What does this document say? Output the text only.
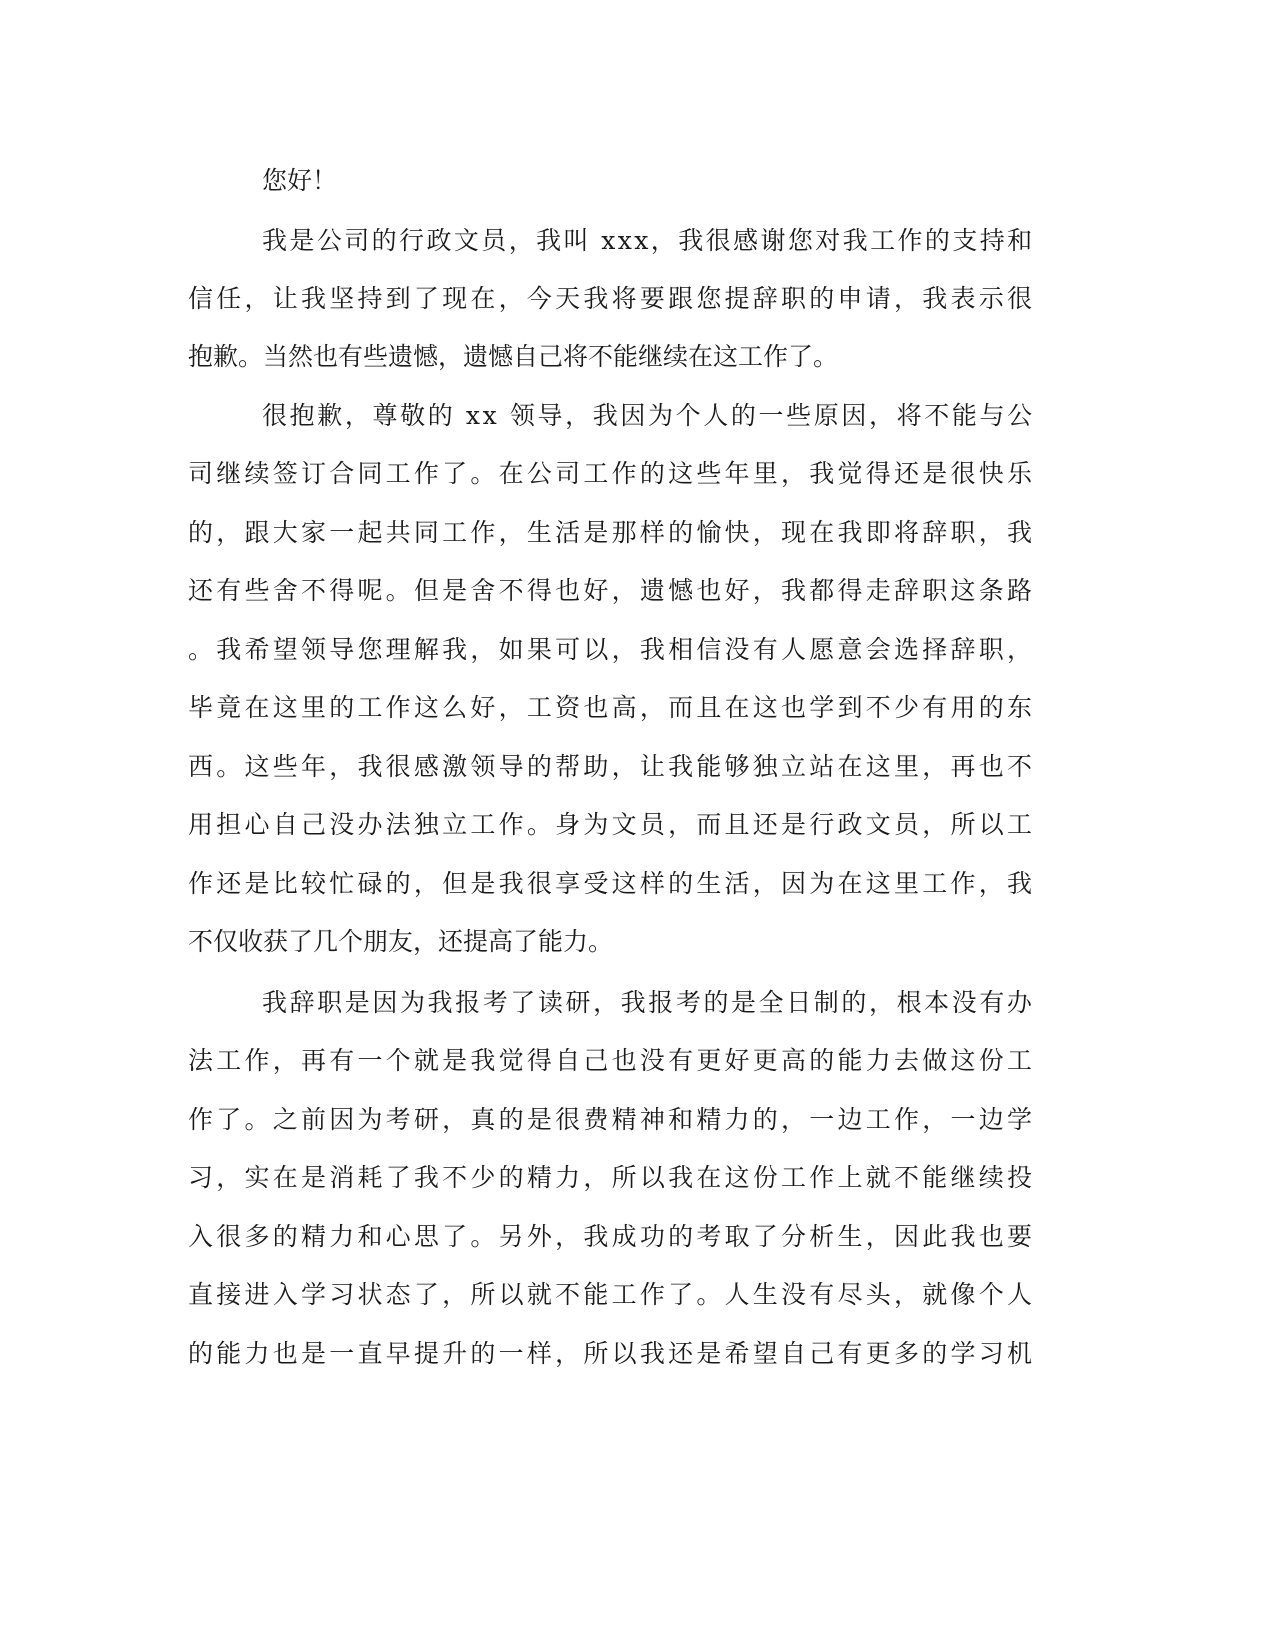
您好！
我是公司的行政文员，我叫 xxx，我很感谢您对我工作的支持和
信任，让我坚持到了现在，今天我将要跟您提辞职的申请，我表示很
抱歉。当然也有些遗憾，遗憾自己将不能继续在这工作了。
很抱歉，尊敬的 xx 领导，我因为个人的一些原因，将不能与公
司继续签订合同工作了。在公司工作的这些年里，我觉得还是很快乐
的，跟大家一起共同工作，生活是那样的愉快，现在我即将辞职，我
还有些舍不得呢。但是舍不得也好，遗憾也好，我都得走辞职这条路
。我希望领导您理解我，如果可以，我相信没有人愿意会选择辞职，
毕竟在这里的工作这么好，工资也高，而且在这也学到不少有用的东
西。这些年，我很感激领导的帮助，让我能够独立站在这里，再也不
用担心自己没办法独立工作。身为文员，而且还是行政文员，所以工
作还是比较忙碌的，但是我很享受这样的生活，因为在这里工作，我
不仅收获了几个朋友，还提高了能力。
我辞职是因为我报考了读研，我报考的是全日制的，根本没有办
法工作，再有一个就是我觉得自己也没有更好更高的能力去做这份工
作了。之前因为考研，真的是很费精神和精力的，一边工作，一边学
习，实在是消耗了我不少的精力，所以我在这份工作上就不能继续投
入很多的精力和心思了。另外，我成功的考取了分析生，因此我也要
直接进入学习状态了，所以就不能工作了。人生没有尽头，就像个人
的能力也是一直早提升的一样，所以我还是希望自己有更多的学习机
